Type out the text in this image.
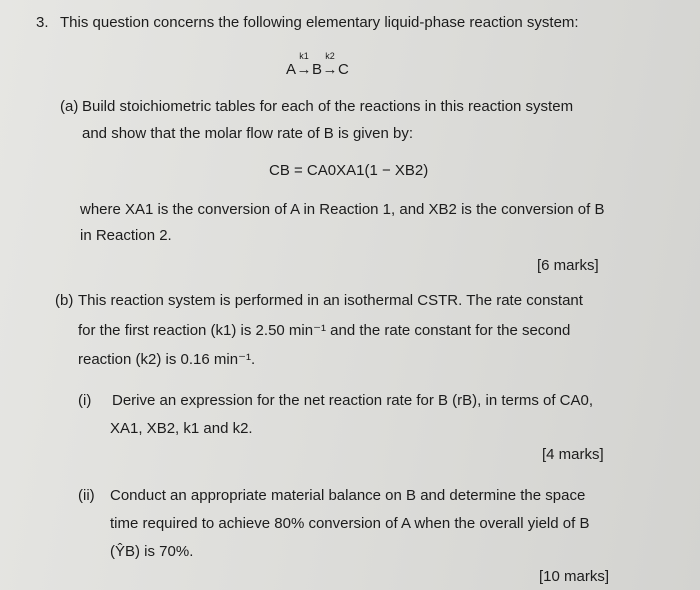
3. This question concerns the following elementary liquid-phase reaction system:
A
k1
→B
k2
→C
(a) Build stoichiometric tables for each of the reactions in this reaction system
and show that the molar flow rate of B is given by:
CB = CA0XA1(1 − XB2)
where XA1 is the conversion of A in Reaction 1, and XB2 is the conversion of B
in Reaction 2.
[6 marks]
(b) This reaction system is performed in an isothermal CSTR. The rate constant
for the first reaction (k1) is 2.50 min⁻¹ and the rate constant for the second
reaction (k2) is 0.16 min⁻¹.
(i) Derive an expression for the net reaction rate for B (rB), in terms of CA0,
XA1, XB2, k1 and k2.
[4 marks]
(ii) Conduct an appropriate material balance on B and determine the space
time required to achieve 80% conversion of A when the overall yield of B
(ŶB) is 70%.
[10 marks]
